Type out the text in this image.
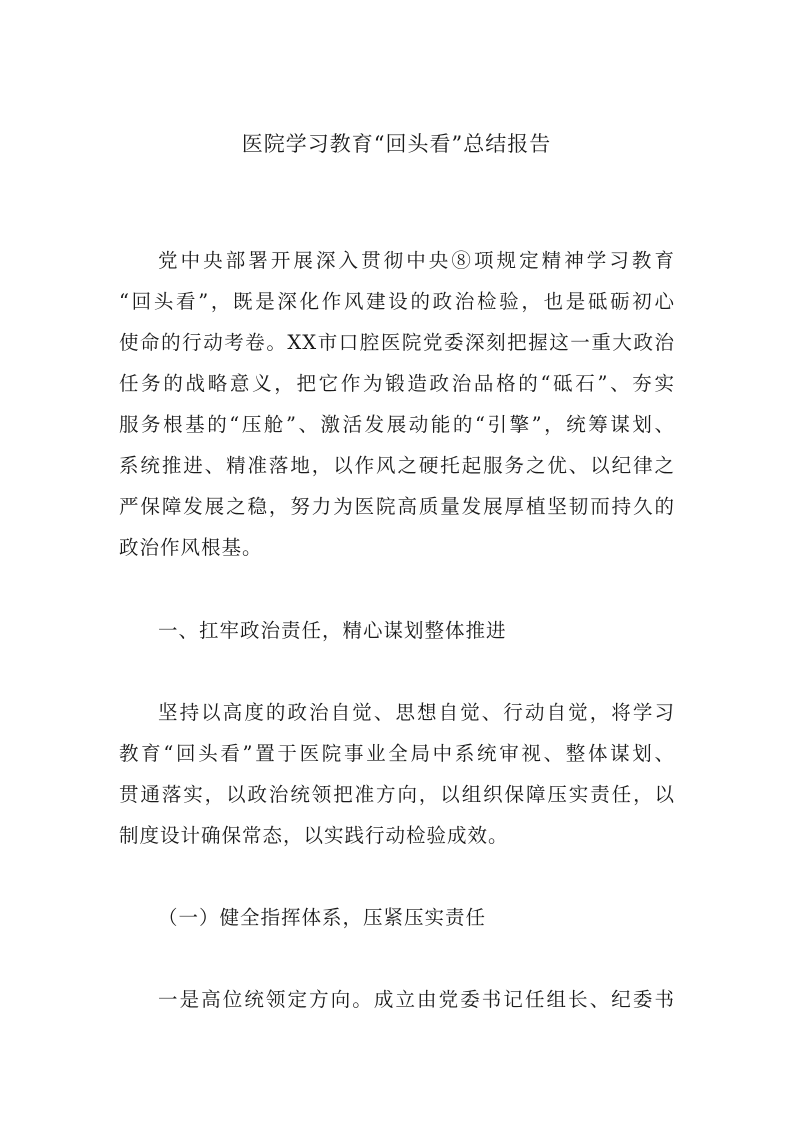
医院学习教育“回头看”总结报告
党中央部署开展深入贯彻中央⑧项规定精神学习教育
“回头看”，既是深化作风建设的政治检验，也是砥砺初心
使命的行动考卷。XX市口腔医院党委深刻把握这一重大政治
任务的战略意义，把它作为锻造政治品格的“砥石”、夯实
服务根基的“压舱”、激活发展动能的“引擎”，统筹谋划、
系统推进、精准落地，以作风之硬托起服务之优、以纪律之
严保障发展之稳，努力为医院高质量发展厚植坚韧而持久的
政治作风根基。
一、扛牢政治责任，精心谋划整体推进
坚持以高度的政治自觉、思想自觉、行动自觉，将学习
教育“回头看”置于医院事业全局中系统审视、整体谋划、
贯通落实，以政治统领把准方向，以组织保障压实责任，以
制度设计确保常态，以实践行动检验成效。
（一）健全指挥体系，压紧压实责任
一是高位统领定方向。成立由党委书记任组长、纪委书
